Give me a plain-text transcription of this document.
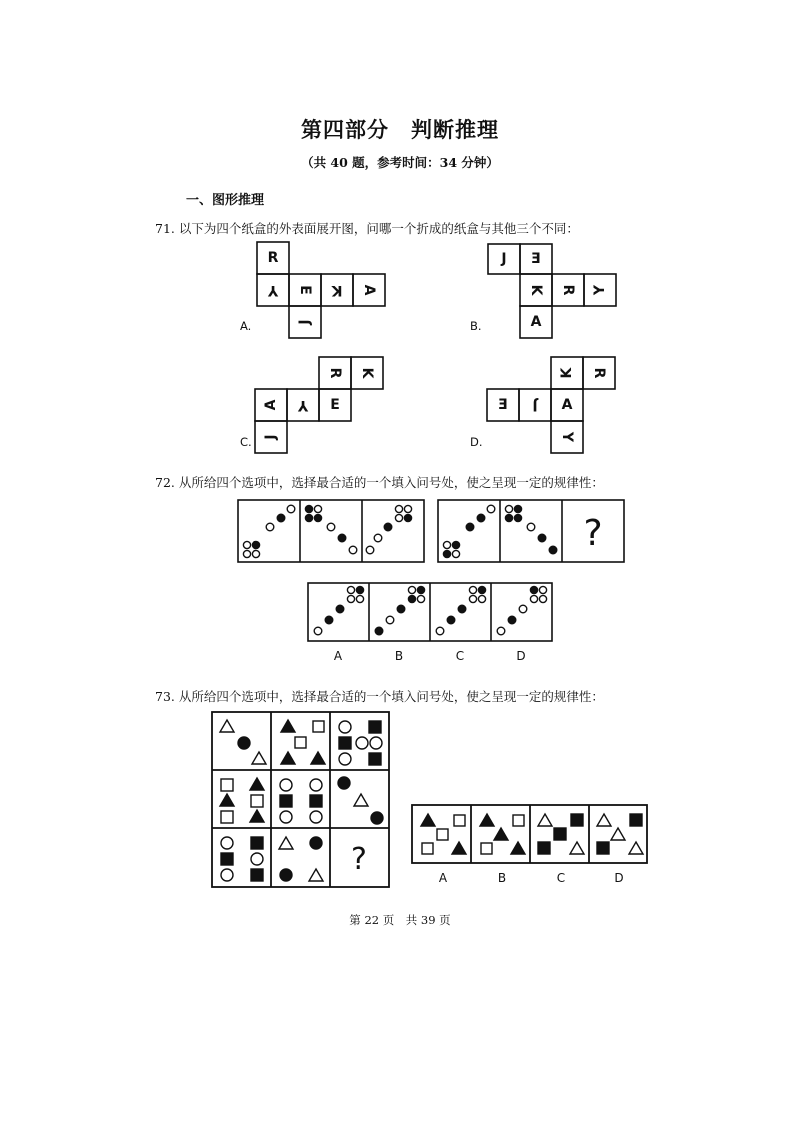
第四部分　判断推理
（共 40 题，参考时间：34 分钟）
一、图形推理
71. 以下为四个纸盒的外表面展开图，问哪一个折成的纸盒与其他三个不同：
R
Y E K A
J
J E
K R Y
A
R K
A Y E
J
K R
E J A
Y
A.	B.
C.	D.
72. 从所给四个选项中，选择最合适的一个填入问号处，使之呈现一定的规律性：
?
A	B	C	D
73. 从所给四个选项中，选择最合适的一个填入问号处，使之呈现一定的规律性：
?
A	B	C	D
第 22 页　共 39 页
